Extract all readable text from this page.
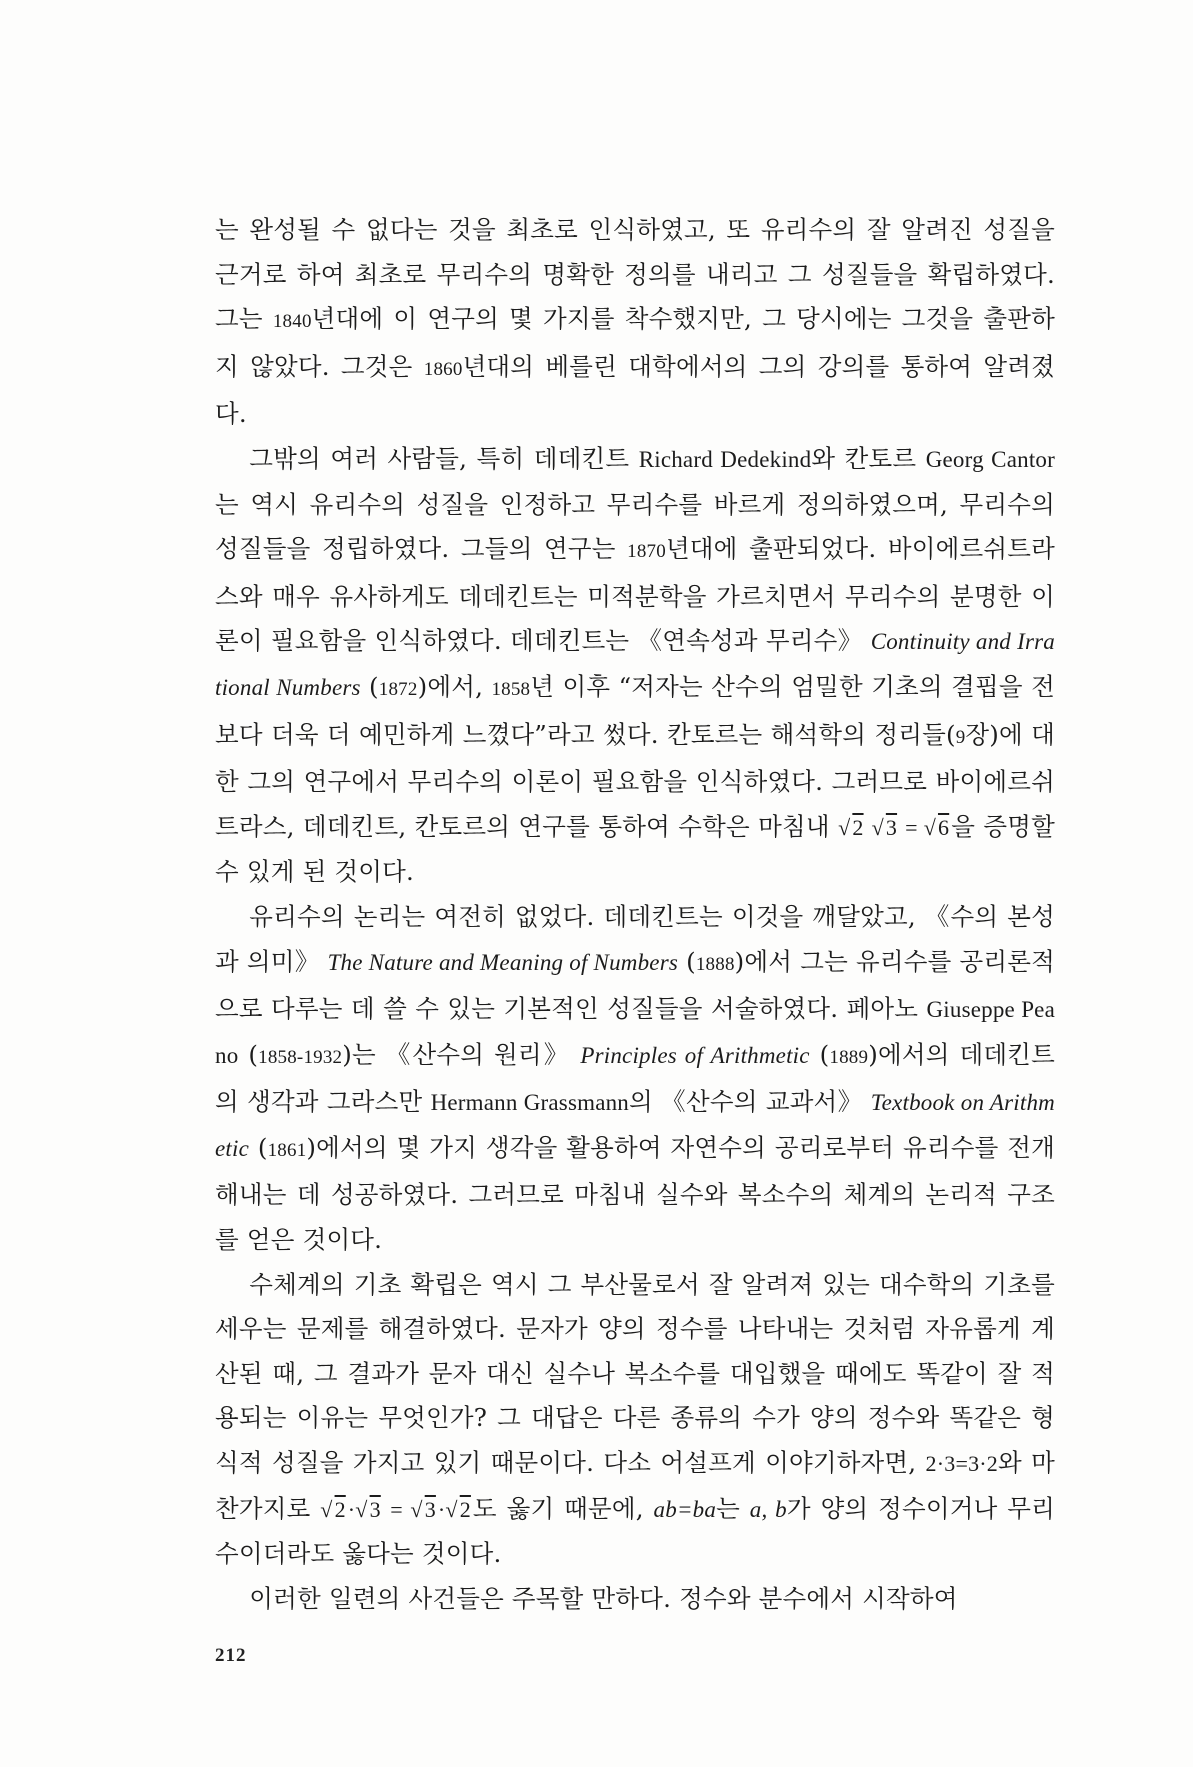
는 완성될 수 없다는 것을 최초로 인식하였고, 또 유리수의 잘 알려진 성질을 근거로 하여 최초로 무리수의 명확한 정의를 내리고 그 성질들을 확립하였다. 그는 1840년대에 이 연구의 몇 가지를 착수했지만, 그 당시에는 그것을 출판하지 않았다. 그것은 1860년대의 베를린 대학에서의 그의 강의를 통하여 알려졌다.

그밖의 여러 사람들, 특히 데데킨트 Richard Dedekind와 칸토르 Georg Cantor는 역시 유리수의 성질을 인정하고 무리수를 바르게 정의하였으며, 무리수의 성질들을 정립하였다. 그들의 연구는 1870년대에 출판되었다. 바이에르쉬트라스와 매우 유사하게도 데데킨트는 미적분학을 가르치면서 무리수의 분명한 이론이 필요함을 인식하였다. 데데킨트는 《연속성과 무리수》 Continuity and Irrational Numbers (1872)에서, 1858년 이후 “저자는 산수의 엄밀한 기초의 결핍을 전보다 더욱 더 예민하게 느꼈다”라고 썼다. 칸토르는 해석학의 정리들(9장)에 대한 그의 연구에서 무리수의 이론이 필요함을 인식하였다. 그러므로 바이에르쉬트라스, 데데킨트, 칸토르의 연구를 통하여 수학은 마침내 √2 √3 = √6을 증명할 수 있게 된 것이다.

유리수의 논리는 여전히 없었다. 데데킨트는 이것을 깨달았고, 《수의 본성과 의미》 The Nature and Meaning of Numbers (1888)에서 그는 유리수를 공리론적으로 다루는 데 쓸 수 있는 기본적인 성질들을 서술하였다. 페아노 Giuseppe Peano (1858-1932)는 《산수의 원리》 Principles of Arithmetic (1889)에서의 데데킨트의 생각과 그라스만 Hermann Grassmann의 《산수의 교과서》 Textbook on Arithmetic (1861)에서의 몇 가지 생각을 활용하여 자연수의 공리로부터 유리수를 전개해내는 데 성공하였다. 그러므로 마침내 실수와 복소수의 체계의 논리적 구조를 얻은 것이다.

수체계의 기초 확립은 역시 그 부산물로서 잘 알려져 있는 대수학의 기초를 세우는 문제를 해결하였다. 문자가 양의 정수를 나타내는 것처럼 자유롭게 계산된 때, 그 결과가 문자 대신 실수나 복소수를 대입했을 때에도 똑같이 잘 적용되는 이유는 무엇인가? 그 대답은 다른 종류의 수가 양의 정수와 똑같은 형식적 성질을 가지고 있기 때문이다. 다소 어설프게 이야기하자면, 2·3=3·2와 마찬가지로 √2·√3 = √3·√2도 옳기 때문에, ab=ba는 a, b가 양의 정수이거나 무리수이더라도 옳다는 것이다.

이러한 일련의 사건들은 주목할 만하다. 정수와 분수에서 시작하여

212
